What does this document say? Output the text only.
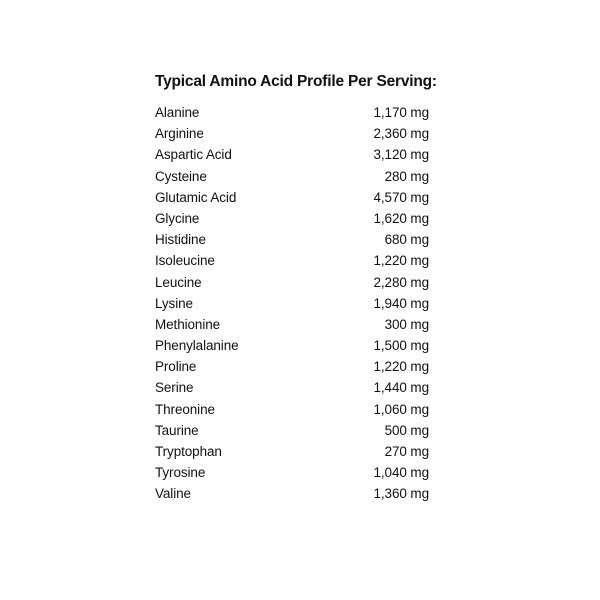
Typical Amino Acid Profile Per Serving:
Alanine	1,170 mg
Arginine	2,360 mg
Aspartic Acid	3,120 mg
Cysteine	280 mg
Glutamic Acid	4,570 mg
Glycine	1,620 mg
Histidine	680 mg
Isoleucine	1,220 mg
Leucine	2,280 mg
Lysine	1,940 mg
Methionine	300 mg
Phenylalanine	1,500 mg
Proline	1,220 mg
Serine	1,440 mg
Threonine	1,060 mg
Taurine	500 mg
Tryptophan	270 mg
Tyrosine	1,040 mg
Valine	1,360 mg
